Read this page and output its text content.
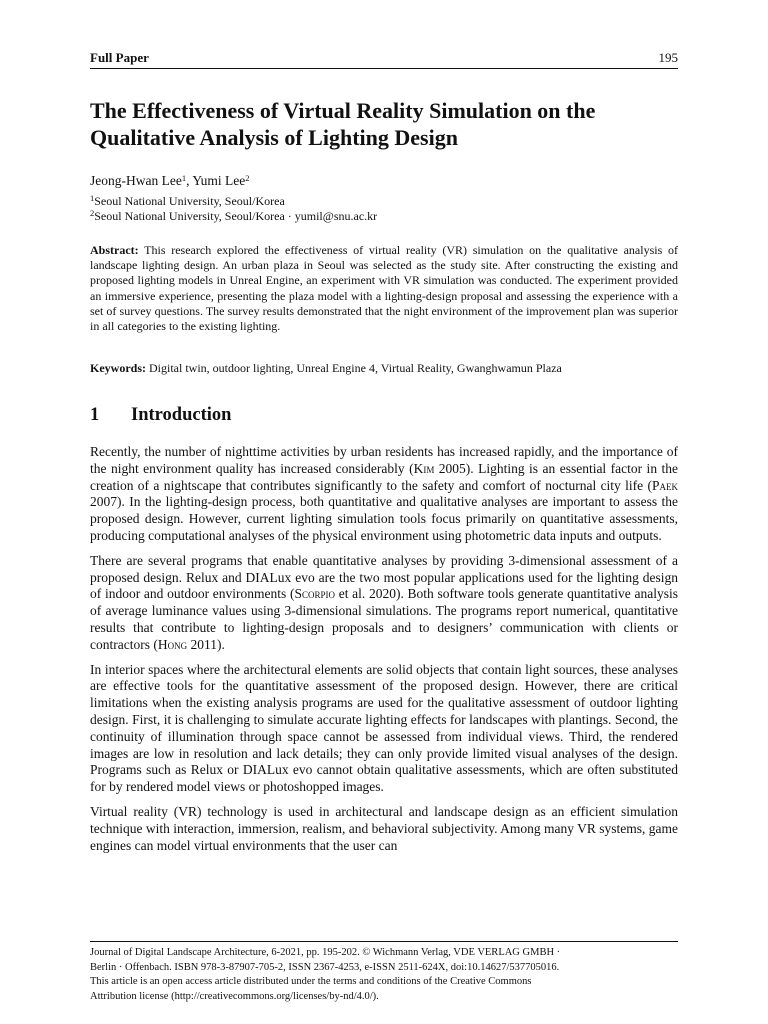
Full Paper	195
The Effectiveness of Virtual Reality Simulation on the Qualitative Analysis of Lighting Design
Jeong-Hwan Lee$^1$, Yumi Lee$^2$
$^1$Seoul National University, Seoul/Korea
$^2$Seoul National University, Seoul/Korea · yumil@snu.ac.kr

Abstract: This research explored the effectiveness of virtual reality (VR) simulation on the qualitative analysis of landscape lighting design. An urban plaza in Seoul was selected as the study site. After constructing the existing and proposed lighting models in Unreal Engine, an experiment with VR simulation was conducted. The experiment provided an immersive experience, presenting the plaza model with a lighting-design proposal and assessing the experience with a set of survey questions. The survey results demonstrated that the night environment of the improvement plan was superior in all categories to the existing lighting.

Keywords: Digital twin, outdoor lighting, Unreal Engine 4, Virtual Reality, Gwanghwamun Plaza

1 Introduction

Recently, the number of nighttime activities by urban residents has increased rapidly, and the importance of the night environment quality has increased considerably (Kim 2005). Lighting is an essential factor in the creation of a nightscape that contributes significantly to the safety and comfort of nocturnal city life (Paek 2007). In the lighting-design process, both quantitative and qualitative analyses are important to assess the proposed design. However, current lighting simulation tools focus primarily on quantitative assessments, producing computational analyses of the physical environment using photometric data inputs and outputs.

There are several programs that enable quantitative analyses by providing 3-dimensional assessment of a proposed design. Relux and DIALux evo are the two most popular applications used for the lighting design of indoor and outdoor environments (Scorpio et al. 2020). Both software tools generate quantitative analysis of average luminance values using 3-dimensional simulations. The programs report numerical, quantitative results that contribute to lighting-design proposals and to designers’ communication with clients or contractors (Hong 2011).

In interior spaces where the architectural elements are solid objects that contain light sources, these analyses are effective tools for the quantitative assessment of the proposed design. However, there are critical limitations when the existing analysis programs are used for the qualitative assessment of outdoor lighting design. First, it is challenging to simulate accurate lighting effects for landscapes with plantings. Second, the continuity of illumination through space cannot be assessed from individual views. Third, the rendered images are low in resolution and lack details; they can only provide limited visual analyses of the design. Programs such as Relux or DIALux evo cannot obtain qualitative assessments, which are often substituted for by rendered model views or photoshopped images.

Virtual reality (VR) technology is used in architectural and landscape design as an efficient simulation technique with interaction, immersion, realism, and behavioral subjectivity. Among many VR systems, game engines can model virtual environments that the user can

Journal of Digital Landscape Architecture, 6-2021, pp. 195-202. © Wichmann Verlag, VDE VERLAG GMBH ·

Berlin · Offenbach. ISBN 978-3-87907-705-2, ISSN 2367-4253, e-ISSN 2511-624X, doi:10.14627/537705016.

This article is an open access article distributed under the terms and conditions of the Creative Commons

Attribution license (http://creativecommons.org/licenses/by-nd/4.0/).
